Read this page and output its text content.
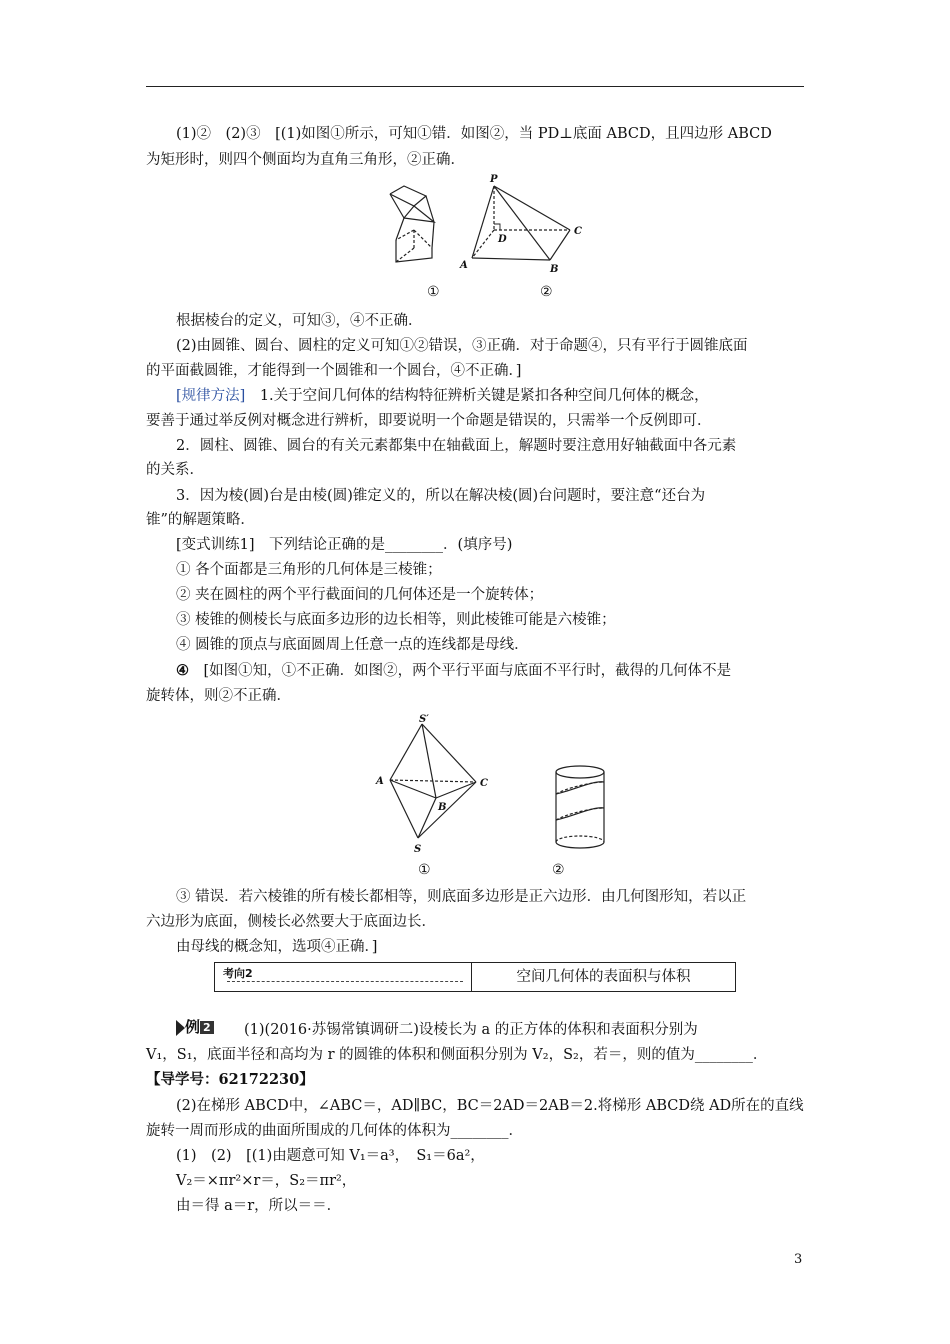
(1)②　(2)③　[(1)如图①所示，可知①错．如图②，当 PD⊥底面 ABCD，且四边形 ABCD
为矩形时，则四个侧面均为直角三角形，②正确．
P
D
C
A	B
①	②
根据棱台的定义，可知③，④不正确．
(2)由圆锥、圆台、圆柱的定义可知①②错误，③正确．对于命题④，只有平行于圆锥底面
的平面截圆锥，才能得到一个圆锥和一个圆台，④不正确．]
[规律方法]　1.关于空间几何体的结构特征辨析关键是紧扣各种空间几何体的概念，
要善于通过举反例对概念进行辨析，即要说明一个命题是错误的，只需举一个反例即可．
2．圆柱、圆锥、圆台的有关元素都集中在轴截面上，解题时要注意用好轴截面中各元素
的关系．
3．因为棱(圆)台是由棱(圆)锥定义的，所以在解决棱(圆)台问题时，要注意“还台为
锥”的解题策略．
[变式训练1]　下列结论正确的是________．(填序号)
① 各个面都是三角形的几何体是三棱锥；
② 夹在圆柱的两个平行截面间的几何体还是一个旋转体；
③ 棱锥的侧棱长与底面多边形的边长相等，则此棱锥可能是六棱锥；
④ 圆锥的顶点与底面圆周上任意一点的连线都是母线．
④　[如图①知，①不正确．如图②，两个平行平面与底面不平行时，截得的几何体不是
旋转体，则②不正确．
S′
A	C
B
S
①	②
③ 错误．若六棱锥的所有棱长都相等，则底面多边形是正六边形．由几何图形知，若以正
六边形为底面，侧棱长必然要大于底面边长．
由母线的概念知，选项④正确．]
考向2	空间几何体的表面积与体积
例 2 (1)(2016·苏锡常镇调研二)设棱长为 a 的正方体的体积和表面积分别为
V₁，S₁，底面半径和高均为 r 的圆锥的体积和侧面积分别为 V₂，S₂，若＝，则的值为________．
【导学号：62172230】
(2)在梯形 ABCD中，∠ABC＝，AD∥BC，BC＝2AD＝2AB＝2.将梯形 ABCD绕 AD所在的直线
旋转一周而形成的曲面所围成的几何体的体积为________．
(1)　(2)　[(1)由题意可知 V₁＝a³，　S₁＝6a²，
V₂＝×πr²×r＝，S₂＝πr²，
由＝得 a＝r，所以＝＝．
3
